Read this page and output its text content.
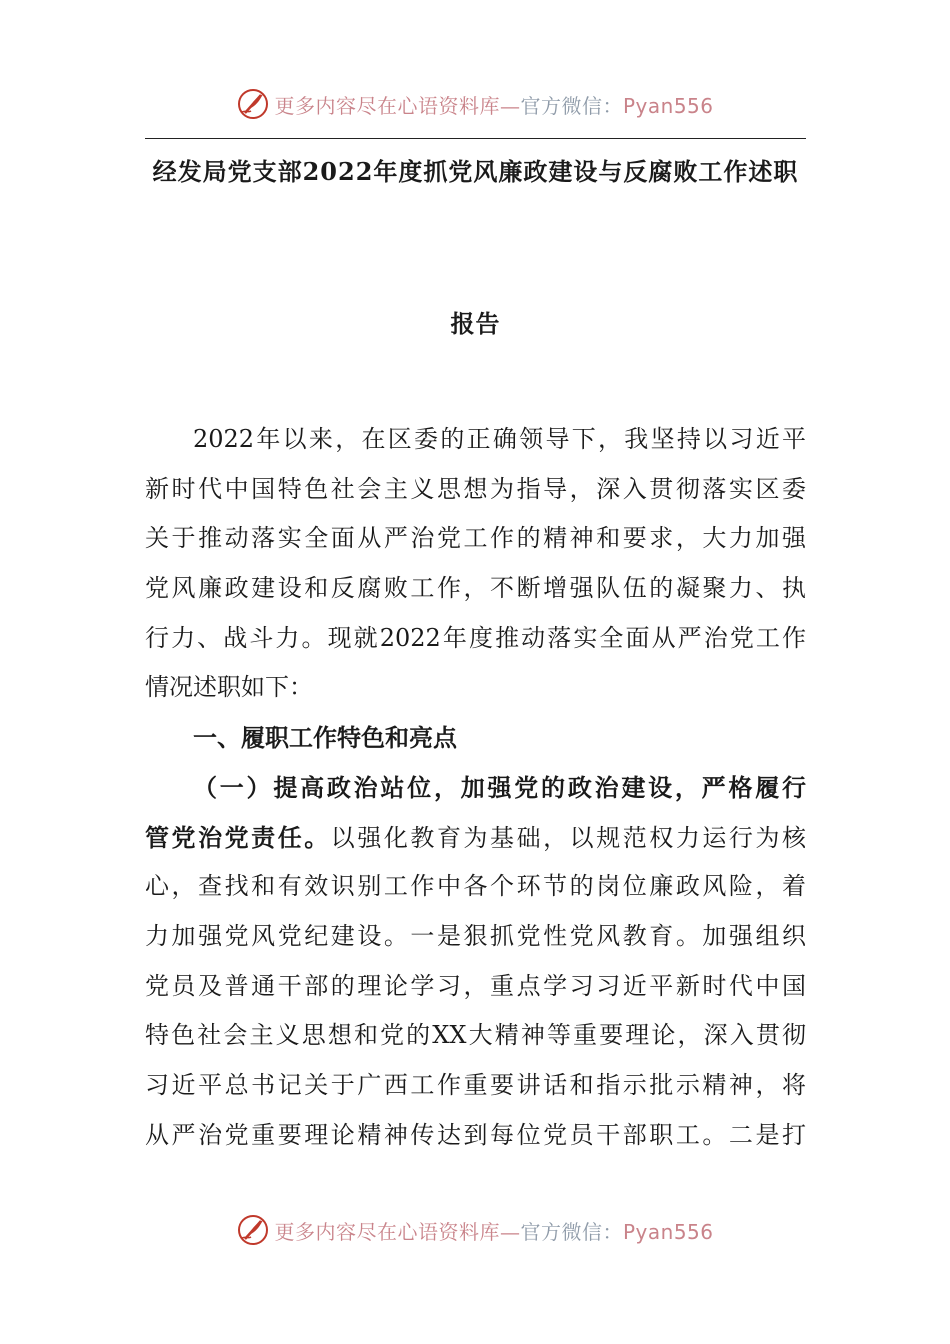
更多内容尽在心语资料库—官方微信：Pyan556
经发局党支部2022年度抓党风廉政建设与反腐败工作述职
报告
2022年以来，在区委的正确领导下，我坚持以习近平
新时代中国特色社会主义思想为指导，深入贯彻落实区委
关于推动落实全面从严治党工作的精神和要求，大力加强
党风廉政建设和反腐败工作，不断增强队伍的凝聚力、执
行力、战斗力。现就2022年度推动落实全面从严治党工作
情况述职如下：
一、履职工作特色和亮点
（一）提高政治站位，加强党的政治建设，严格履行
管党治党责任。以强化教育为基础，以规范权力运行为核
心，查找和有效识别工作中各个环节的岗位廉政风险，着
力加强党风党纪建设。一是狠抓党性党风教育。加强组织
党员及普通干部的理论学习，重点学习习近平新时代中国
特色社会主义思想和党的XX大精神等重要理论，深入贯彻
习近平总书记关于广西工作重要讲话和指示批示精神，将
从严治党重要理论精神传达到每位党员干部职工。二是打
更多内容尽在心语资料库—官方微信：Pyan556
